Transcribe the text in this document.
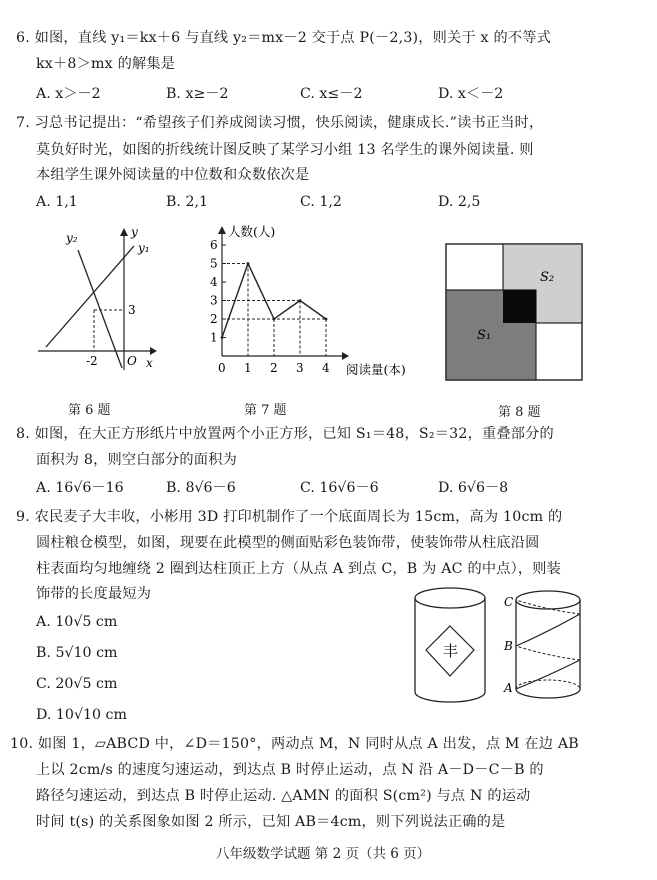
6. 如图，直线 y₁＝kx＋6 与直线 y₂＝mx－2 交于点 P(－2,3)，则关于 x 的不等式
kx＋8＞mx 的解集是
A. x＞－2	B. x≥－2	C. x≤－2	D. x＜－2
7. 习总书记提出：“希望孩子们养成阅读习惯，快乐阅读，健康成长.”读书正当时，
莫负好时光，如图的折线统计图反映了某学习小组 13 名学生的课外阅读量. 则
本组学生课外阅读量的中位数和众数依次是
A. 1,1	B. 2,1	C. 1,2	D. 2,5
y₂	y
y₁
3
-2 O x
第 6 题
1
2
3
4
5
6
0 1 2 3 4
人数(人)
阅读量(本)
第 7 题
S₂
S₁
第 8 题
8. 如图，在大正方形纸片中放置两个小正方形，已知 S₁＝48，S₂＝32，重叠部分的
面积为 8，则空白部分的面积为
A. 16√6－16	B. 8√6－6	C. 16√6－6	D. 6√6－8
9. 农民麦子大丰收，小彬用 3D 打印机制作了一个底面周长为 15cm，高为 10cm 的
圆柱粮仓模型，如图，现要在此模型的侧面贴彩色装饰带，使装饰带从柱底沿圆
柱表面均匀地缠绕 2 圈到达柱顶正上方（从点 A 到点 C，B 为 AC 的中点），则装
饰带的长度最短为
A. 10√5 cm
B. 5√10 cm
C. 20√5 cm
D. 10√10 cm
丰
C
B
A
10. 如图 1，▱ABCD 中，∠D＝150°，两动点 M，N 同时从点 A 出发，点 M 在边 AB
上以 2cm/s 的速度匀速运动，到达点 B 时停止运动，点 N 沿 A－D－C－B 的
路径匀速运动，到达点 B 时停止运动. △AMN 的面积 S(cm²) 与点 N 的运动
时间 t(s) 的关系图象如图 2 所示，已知 AB＝4cm，则下列说法正确的是
八年级数学试题 第 2 页（共 6 页）
